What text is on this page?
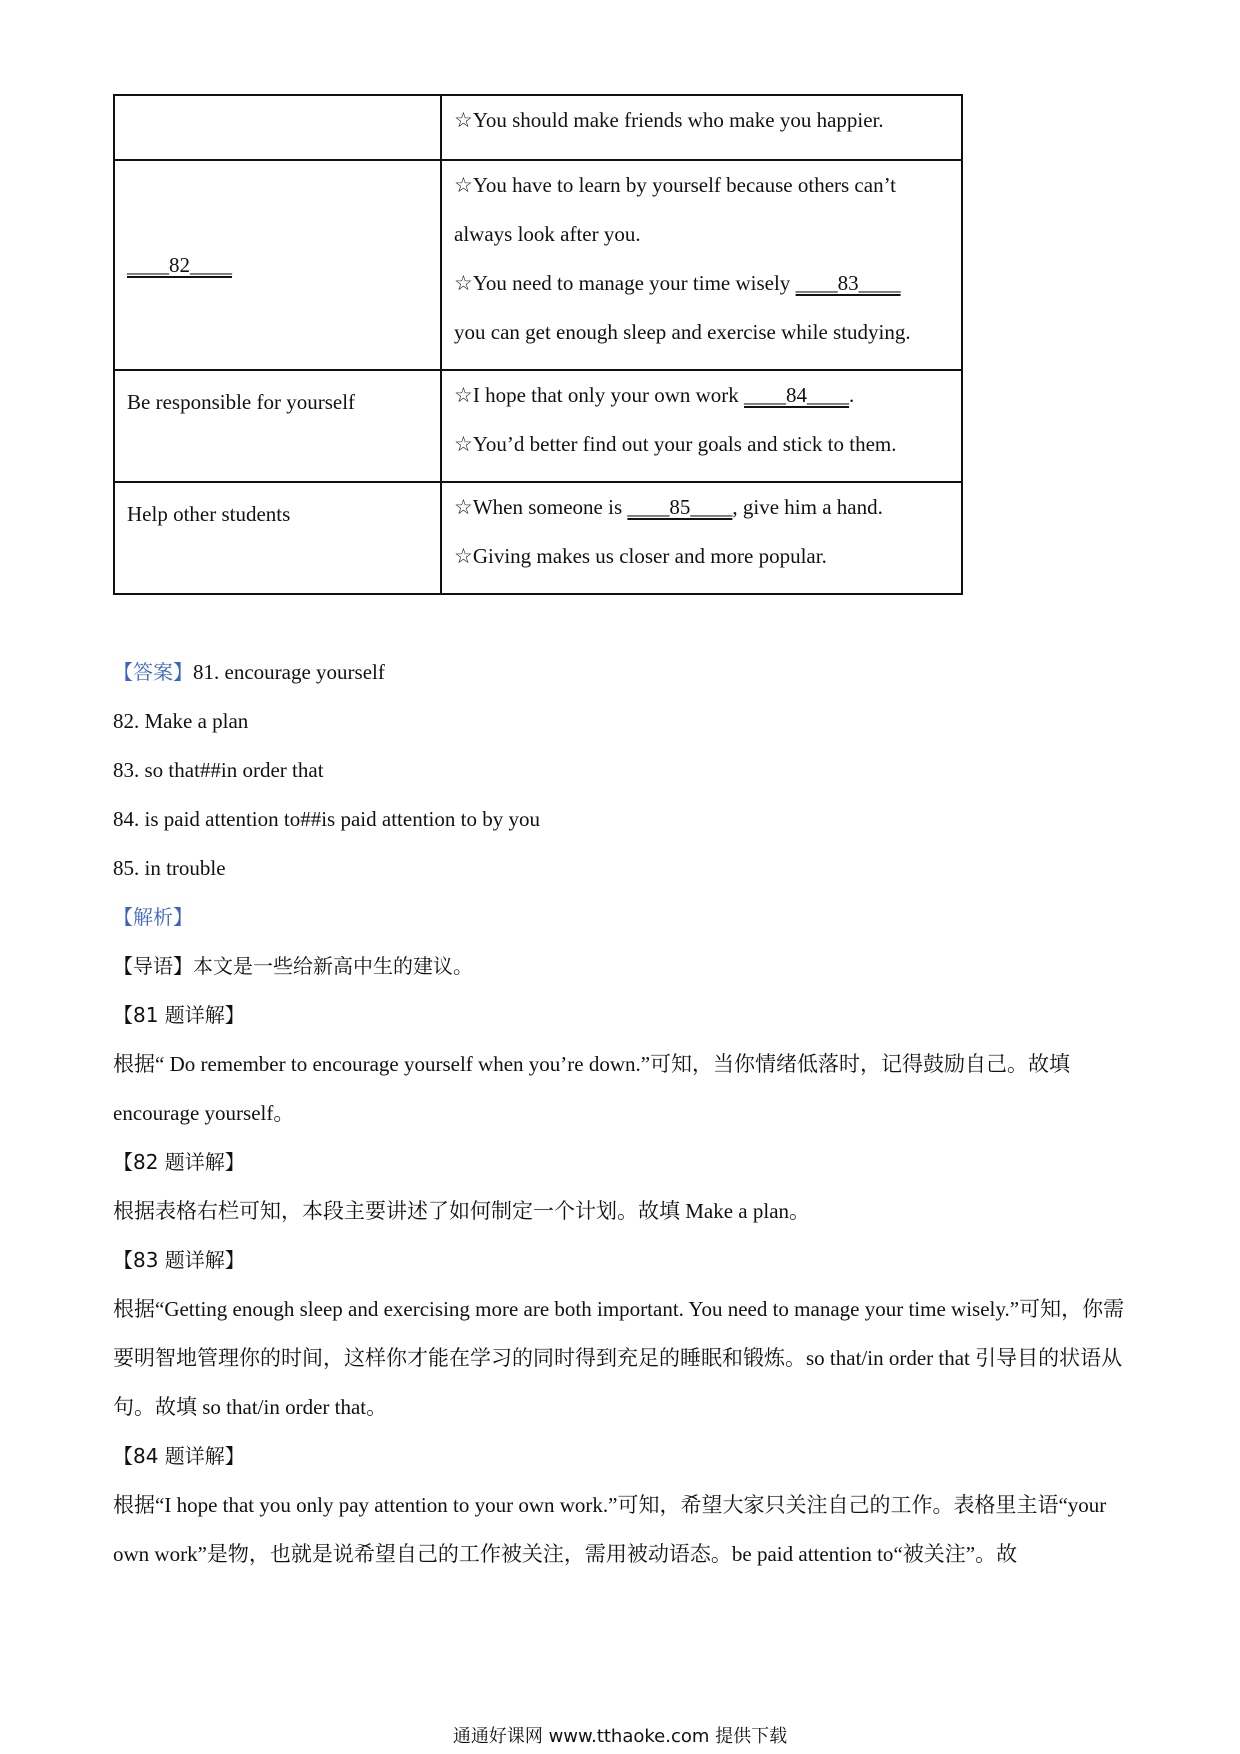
	☆You should make friends who make you happier.

____82____	☆You have to learn by yourself because others can’t
always look after you.
☆You need to manage your time wisely ____83____
you can get enough sleep and exercise while studying.

Be responsible for yourself	☆I hope that only your own work ____84____.
☆You’d better find out your goals and stick to them.

Help other students	☆When someone is ____85____, give him a hand.
☆Giving makes us closer and more popular.

【答案】81. encourage yourself

82. Make a plan

83. so that##in order that

84. is paid attention to##is paid attention to by you

85. in trouble

【解析】

【导语】本文是一些给新高中生的建议。

【81 题详解】

根据“ Do remember to encourage yourself when you’re down.”可知，当你情绪低落时，记得鼓励自己。故填 encourage yourself。

【82 题详解】

根据表格右栏可知，本段主要讲述了如何制定一个计划。故填 Make a plan。

【83 题详解】

根据“Getting enough sleep and exercising more are both important. You need to manage your time wisely.”可知，你需要明智地管理你的时间，这样你才能在学习的同时得到充足的睡眠和锻炼。so that/in order that 引导目的状语从句。故填 so that/in order that。

【84 题详解】

根据“I hope that you only pay attention to your own work.”可知，希望大家只关注自己的工作。表格里主语“your own work”是物，也就是说希望自己的工作被关注，需用被动语态。be paid attention to“被关注”。故

通通好课网 www.tthaoke.com 提供下载
